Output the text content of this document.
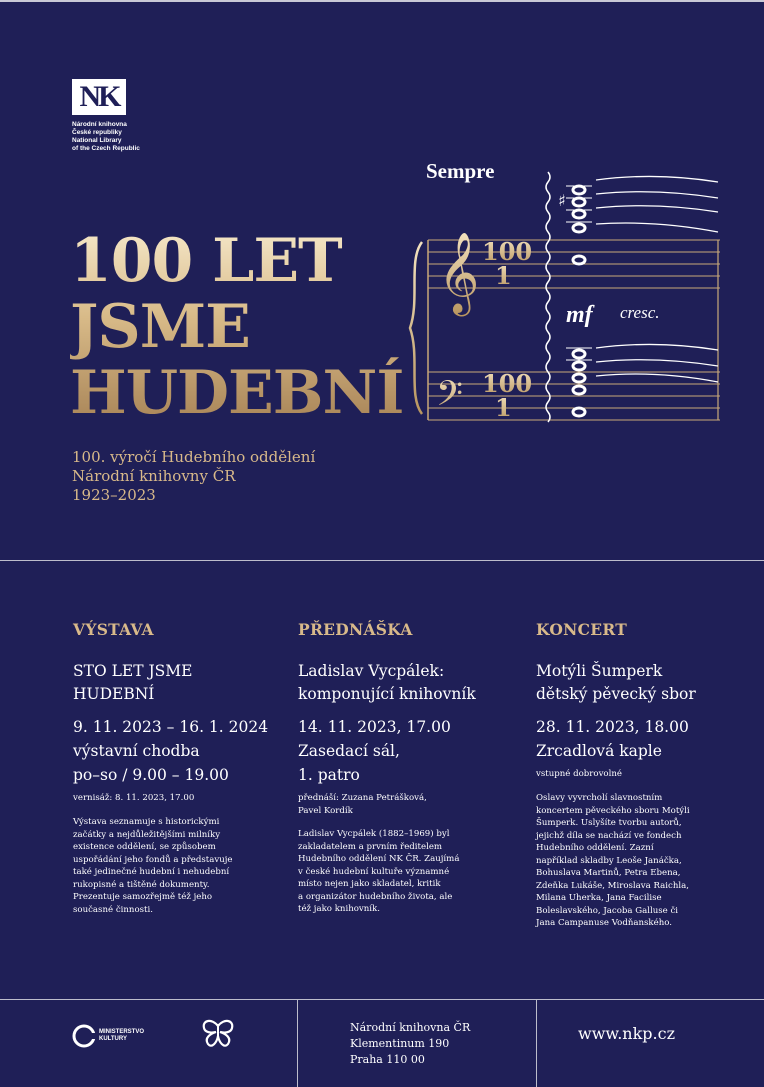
NK
Národní knihovna
České republiky
National Library
of the Czech Republic
100 LET
JSME
HUDEBNÍ
100. výročí Hudebního oddělení
Národní knihovny ČR
1923–2023
Sempre
𝄞
𝄢
100
1
100
1
♯
mf cresc.
VÝSTAVA
STO LET JSME
HUDEBNÍ
9. 11. 2023 – 16. 1. 2024
výstavní chodba
po–so / 9.00 – 19.00
vernisáž: 8. 11. 2023, 17.00
Výstava seznamuje s historickými
začátky a nejdůležitějšími milníky
existence oddělení, se způsobem
uspořádání jeho fondů a představuje
také jedinečné hudební i nehudební
rukopisné a tištěné dokumenty.
Prezentuje samozřejmě též jeho
současné činnosti.
PŘEDNÁŠKA
Ladislav Vycpálek:
komponující knihovník
14. 11. 2023, 17.00
Zasedací sál,
1. patro
přednáší: Zuzana Petrášková,
Pavel Kordík
Ladislav Vycpálek (1882–1969) byl
zakladatelem a prvním ředitelem
Hudebního oddělení NK ČR. Zaujímá
v české hudební kultuře významné
místo nejen jako skladatel, kritik
a organizátor hudebního života, ale
též jako knihovník.
KONCERT
Motýli Šumperk
dětský pěvecký sbor
28. 11. 2023, 18.00
Zrcadlová kaple
vstupné dobrovolné
Oslavy vyvrcholí slavnostním
koncertem pěveckého sboru Motýli
Šumperk. Uslyšíte tvorbu autorů,
jejichž díla se nachází ve fondech
Hudebního oddělení. Zazní
například skladby Leoše Janáčka,
Bohuslava Martinů, Petra Ebena,
Zdeňka Lukáše, Miroslava Raichla,
Milana Uherka, Jana Facilise
Boleslavského, Jacoba Galluse či
Jana Campanuse Vodňanského.
MINISTERSTVO
KULTURY
Národní knihovna ČR
Klementinum 190
Praha 110 00
www.nkp.cz
